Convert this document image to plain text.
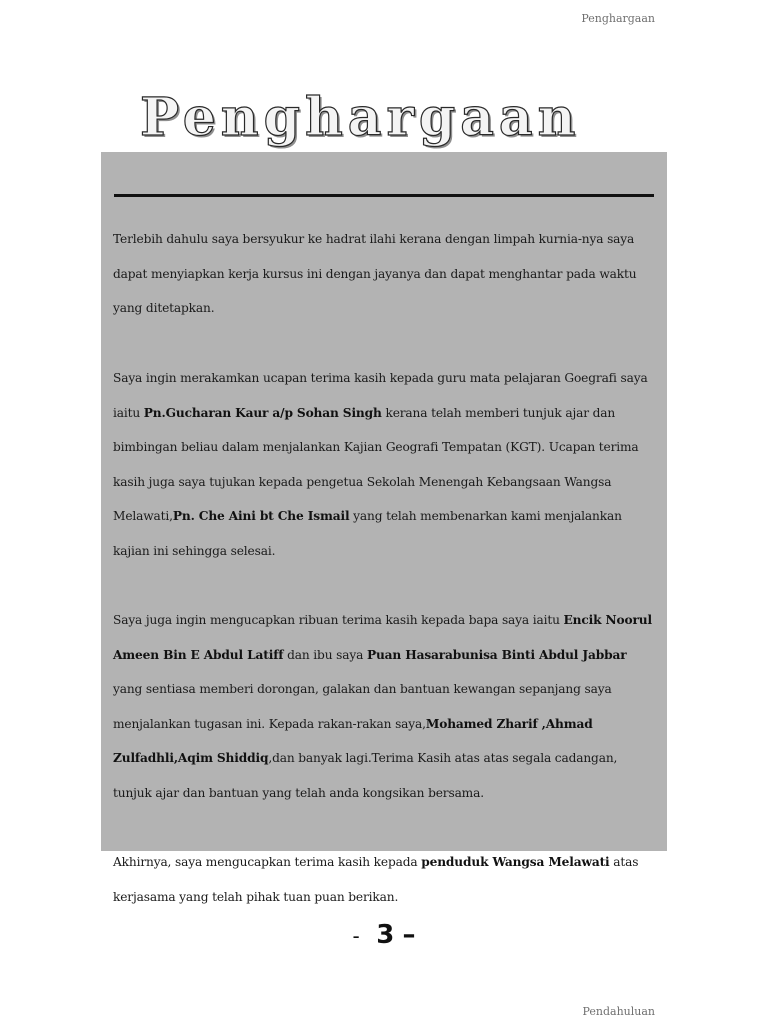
Penghargaan
Penghargaan

Terlebih dahulu saya bersyukur ke hadrat ilahi kerana dengan limpah kurnia-nya saya dapat menyiapkan kerja kursus ini dengan jayanya dan dapat menghantar pada waktu yang ditetapkan.

Saya ingin merakamkan ucapan terima kasih kepada guru mata pelajaran Goegrafi saya iaitu Pn.Gucharan Kaur a/p Sohan Singh kerana telah memberi tunjuk ajar dan bimbingan beliau dalam menjalankan Kajian Geografi Tempatan (KGT). Ucapan terima kasih juga saya tujukan kepada pengetua Sekolah Menengah Kebangsaan Wangsa Melawati,Pn. Che Aini bt Che Ismail yang telah membenarkan kami menjalankan kajian ini sehingga selesai.

Saya juga ingin mengucapkan ribuan terima kasih kepada bapa saya iaitu Encik Noorul Ameen Bin E Abdul Latiff dan ibu saya Puan Hasarabunisa Binti Abdul Jabbar yang sentiasa memberi dorongan, galakan dan bantuan kewangan sepanjang saya menjalankan tugasan ini. Kepada rakan-rakan saya,Mohamed Zharif ,Ahmad Zulfadhli,Aqim Shiddiq,dan banyak lagi.Terima Kasih atas atas segala cadangan, tunjuk ajar dan bantuan yang telah anda kongsikan bersama.

Akhirnya, saya mengucapkan terima kasih kepada penduduk Wangsa Melawati atas kerjasama yang telah pihak tuan puan berikan.

- 3 –
Pendahuluan
